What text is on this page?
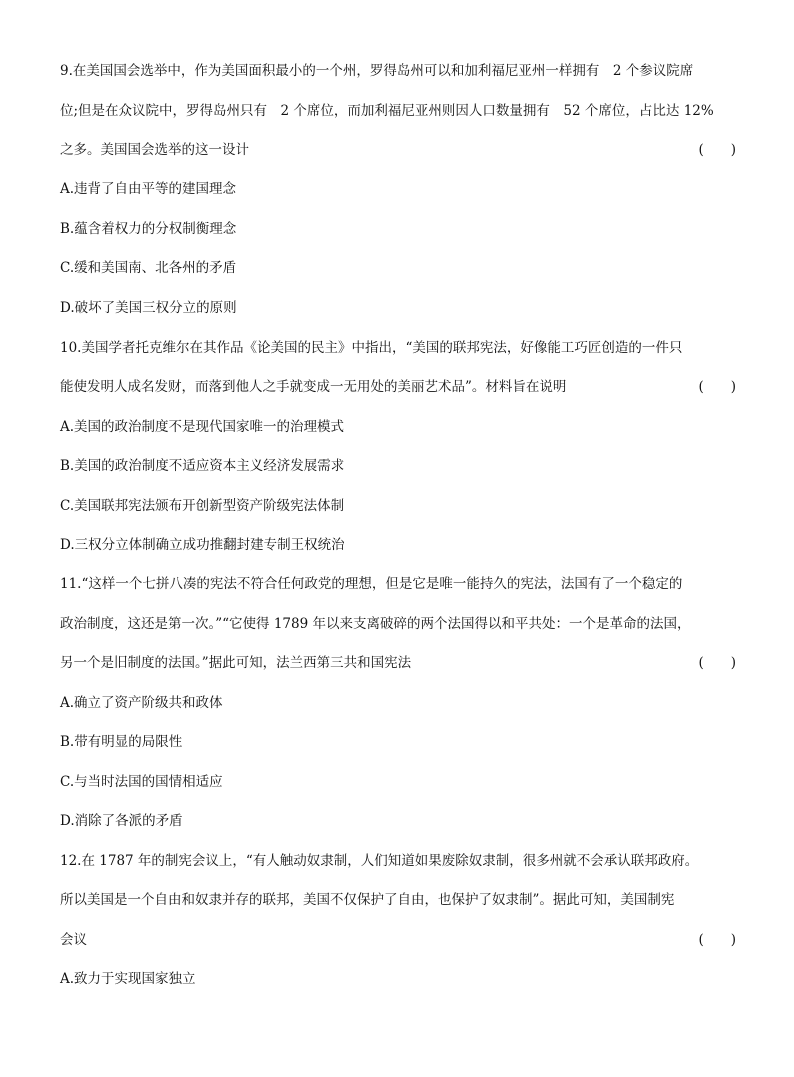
9.在美国国会选举中，作为美国面积最小的一个州，罗得岛州可以和加利福尼亚州一样拥有　2 个参议院席
位;但是在众议院中，罗得岛州只有　2 个席位，而加利福尼亚州则因人口数量拥有　52 个席位，占比达 12%
之多。美国国会选举的这一设计	(　　)
A.违背了自由平等的建国理念
B.蕴含着权力的分权制衡理念
C.缓和美国南、北各州的矛盾
D.破坏了美国三权分立的原则
10.美国学者托克维尔在其作品《论美国的民主》中指出，“美国的联邦宪法，好像能工巧匠创造的一件只
能使发明人成名发财，而落到他人之手就变成一无用处的美丽艺术品”。材料旨在说明	(　　)
A.美国的政治制度不是现代国家唯一的治理模式
B.美国的政治制度不适应资本主义经济发展需求
C.美国联邦宪法颁布开创新型资产阶级宪法体制
D.三权分立体制确立成功推翻封建专制王权统治
11.“这样一个七拼八凑的宪法不符合任何政党的理想，但是它是唯一能持久的宪法，法国有了一个稳定的
政治制度，这还是第一次。”“它使得 1789 年以来支离破碎的两个法国得以和平共处：一个是革命的法国，
另一个是旧制度的法国。”据此可知，法兰西第三共和国宪法	(　　)
A.确立了资产阶级共和政体
B.带有明显的局限性
C.与当时法国的国情相适应
D.消除了各派的矛盾
12.在 1787 年的制宪会议上，“有人触动奴隶制，人们知道如果废除奴隶制，很多州就不会承认联邦政府。
所以美国是一个自由和奴隶并存的联邦，美国不仅保护了自由，也保护了奴隶制”。据此可知，美国制宪
会议	(　　)
A.致力于实现国家独立
